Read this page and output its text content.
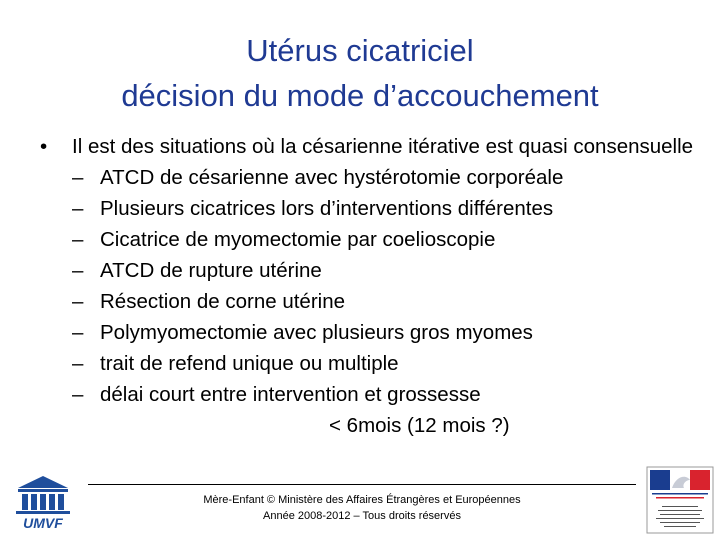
Utérus cicatriciel
décision du mode d’accouchement
• Il est des situations où la césarienne itérative est quasi consensuelle
– ATCD de césarienne avec hystérotomie corporéale
– Plusieurs cicatrices lors d’interventions différentes
– Cicatrice de myomectomie par coelioscopie
– ATCD de rupture utérine
– Résection de corne utérine
– Polymyomectomie avec plusieurs gros myomes
– trait de refend unique ou multiple
– délai court entre intervention et grossesse
< 6mois (12 mois ?)
UMVF
Mère-Enfant © Ministère des Affaires Étrangères et Européennes
Année 2008-2012 – Tous droits réservés
